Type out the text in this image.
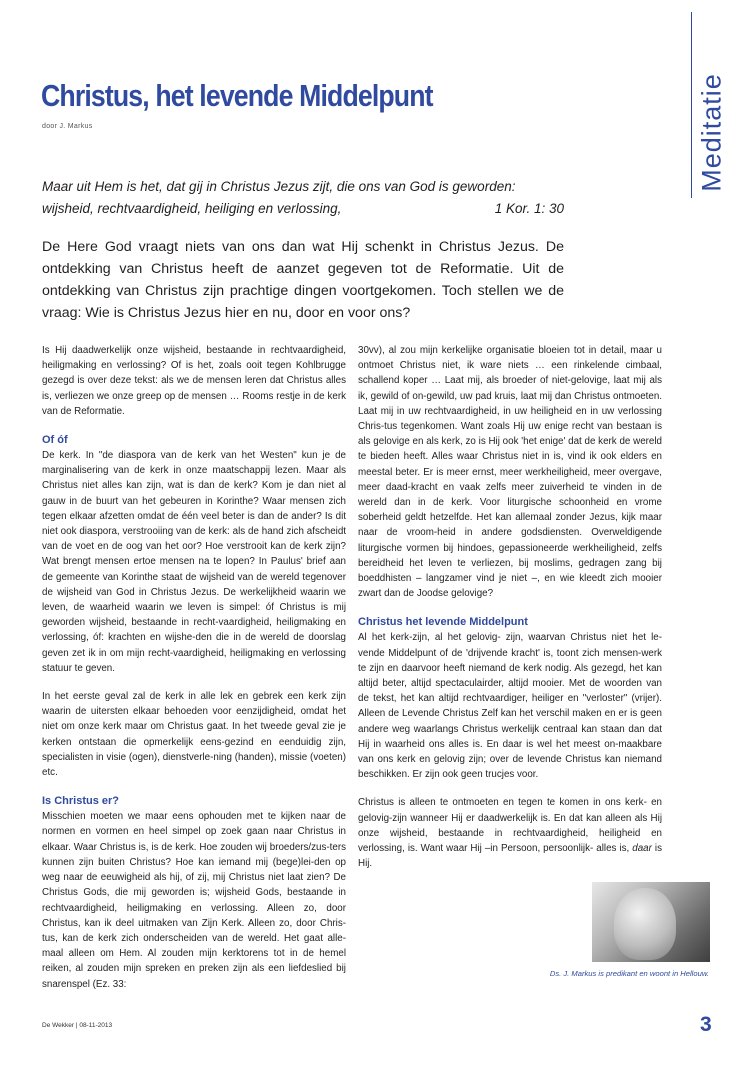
Meditatie
Christus, het levende Middelpunt
door J. Markus
Maar uit Hem is het, dat gij in Christus Jezus zijt, die ons van God is geworden: wijsheid, rechtvaardigheid, heiliging en verlossing,	1 Kor. 1: 30
De Here God vraagt niets van ons dan wat Hij schenkt in Christus Jezus. De ontdekking van Christus heeft de aanzet gegeven tot de Reformatie. Uit de ontdekking van Christus zijn prachtige dingen voortgekomen. Toch stellen we de vraag: Wie is Christus Jezus hier en nu, door en voor ons?

Is Hij daadwerkelijk onze wijsheid, bestaande in rechtvaardigheid, heiligmaking en verlossing? Of is het, zoals ooit tegen Kohlbrugge gezegd is over deze tekst: als we de mensen leren dat Christus alles is, verliezen we onze greep op de mensen … Rooms restje in de kerk van de Reformatie.

Of óf

De kerk. In "de diaspora van de kerk van het Westen" kun je de marginalisering van de kerk in onze maatschappij lezen. Maar als Christus niet alles kan zijn, wat is dan de kerk? Kom je dan niet al gauw in de buurt van het gebeuren in Korinthe? Waar mensen zich tegen elkaar afzetten omdat de één veel beter is dan de ander? Is dit niet ook diaspora, verstrooiing van de kerk: als de hand zich afscheidt van de voet en de oog van het oor? Hoe verstrooit kan de kerk zijn? Wat brengt mensen ertoe mensen na te lopen? In Paulus' brief aan de gemeente van Korinthe staat de wijsheid van de wereld tegenover de wijsheid van God in Christus Jezus. De werkelijkheid waarin we leven, de waarheid waarin we leven is simpel: óf Christus is mij geworden wijsheid, bestaande in recht-vaardigheid, heiligmaking en verlossing, óf: krachten en wijshe-den die in de wereld de doorslag geven zet ik in om mijn recht-vaardigheid, heiligmaking en verlossing statuur te geven.

In het eerste geval zal de kerk in alle lek en gebrek een kerk zijn waarin de uitersten elkaar behoeden voor eenzijdigheid, omdat het niet om onze kerk maar om Christus gaat. In het tweede geval zie je kerken ontstaan die opmerkelijk eens-gezind en eenduidig zijn, specialisten in visie (ogen), dienstverle-ning (handen), missie (voeten) etc.

Is Christus er?

Misschien moeten we maar eens ophouden met te kijken naar de normen en vormen en heel simpel op zoek gaan naar Christus in elkaar. Waar Christus is, is de kerk. Hoe zouden wij broeders/zus-ters kunnen zijn buiten Christus? Hoe kan iemand mij (bege)lei-den op weg naar de eeuwigheid als hij, of zij, mij Christus niet laat zien? De Christus Gods, die mij geworden is; wijsheid Gods, bestaande in rechtvaardigheid, heiligmaking en verlossing. Alleen zo, door Christus, kan ik deel uitmaken van Zijn Kerk. Alleen zo, door Chris-tus, kan de kerk zich onderscheiden van de wereld. Het gaat alle-maal alleen om Hem. Al zouden mijn kerktorens tot in de hemel reiken, al zouden mijn spreken en preken zijn als een liefdeslied bij snarenspel (Ez. 33:

30vv), al zou mijn kerkelijke organisatie bloeien tot in detail, maar u ontmoet Christus niet, ik ware niets … een rinkelende cimbaal, schallend koper … Laat mij, als broeder of niet-gelovige, laat mij als ik, gewild of on-gewild, uw pad kruis, laat mij dan Christus ontmoeten. Laat mij in uw rechtvaardigheid, in uw heiligheid en in uw verlossing Chris-tus tegenkomen. Want zoals Hij uw enige recht van bestaan is als gelovige en als kerk, zo is Hij ook 'het enige' dat de kerk de wereld te bieden heeft. Alles waar Christus niet in is, vind ik ook elders en meestal beter. Er is meer ernst, meer werkheiligheid, meer overgave, meer daad-kracht en vaak zelfs meer zuiverheid te vinden in de wereld dan in de kerk. Voor liturgische schoonheid en vrome soberheid geldt hetzelfde. Het kan allemaal zonder Jezus, kijk maar naar de vroom-heid in andere godsdiensten. Overweldigende liturgische vormen bij hindoes, gepassioneerde werkheiligheid, zelfs bereidheid het leven te verliezen, bij moslims, gedragen zang bij boeddhisten – langzamer vind je niet –, en wie kleedt zich mooier zwart dan de Joodse gelovige?

Christus het levende Middelpunt

Al het kerk-zijn, al het gelovig- zijn, waarvan Christus niet het le-vende Middelpunt of de 'drijvende kracht' is, toont zich mensen-werk te zijn en daarvoor heeft niemand de kerk nodig. Als gezegd, het kan altijd beter, altijd spectaculairder, altijd mooier. Met de woorden van de tekst, het kan altijd rechtvaardiger, heiliger en "verloster" (vrijer). Alleen de Levende Christus Zelf kan het verschil maken en er is geen andere weg waarlangs Christus werkelijk centraal kan staan dan dat Hij in waarheid ons alles is. En daar is wel het meest on-maakbare van ons kerk en gelovig zijn; over de levende Christus kan niemand beschikken. Er zijn ook geen trucjes voor.

Christus is alleen te ontmoeten en tegen te komen in ons kerk- en gelovig-zijn wanneer Hij er daadwerkelijk is. En dat kan alleen als Hij onze wijsheid, bestaande in rechtvaardigheid, heiligheid en verlossing, is. Want waar Hij –in Persoon, persoonlijk- alles is, daar is Hij.

Ds. J. Markus is predikant en woont in Hellouw.
De Wekker | 08-11-2013	3
